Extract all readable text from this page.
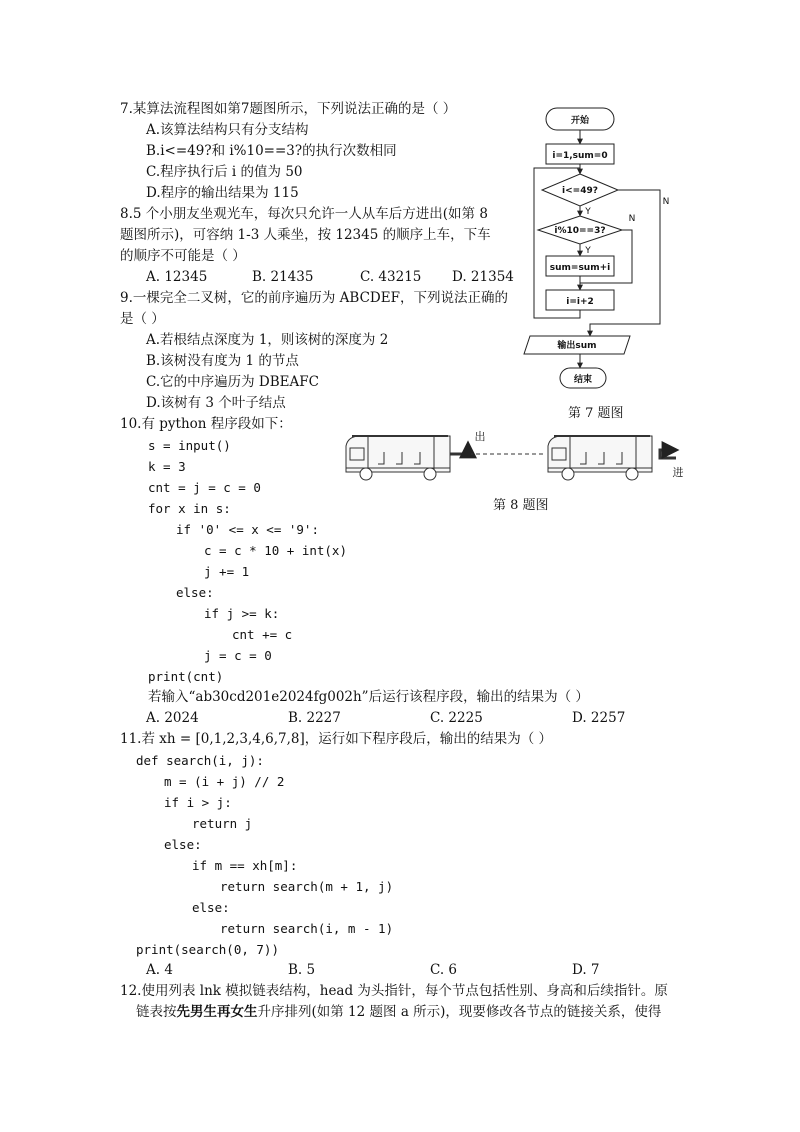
7.某算法流程图如第7题图所示，下列说法正确的是（ ）
A.该算法结构只有分支结构
B.i<=49?和 i%10==3?的执行次数相同
C.程序执行后 i 的值为 50
D.程序的输出结果为 115
8.5 个小朋友坐观光车，每次只允许一人从车后方进出(如第 8
题图所示)，可容纳 1-3 人乘坐，按 12345 的顺序上车，下车
的顺序不可能是（ ）
A. 12345	B. 21435	C. 43215 D. 21354
9.一棵完全二叉树，它的前序遍历为 ABCDEF，下列说法正确的
是（ ）
A.若根结点深度为 1，则该树的深度为 2
B.该树没有度为 1 的节点
C.它的中序遍历为 DBEAFC
D.该树有 3 个叶子结点
10.有 python 程序段如下：
s = input()
k = 3
cnt = j = c = 0
for x in s:
if '0' <= x <= '9':
c = c * 10 + int(x)
j += 1
else:
if j >= k:
cnt += c
j = c = 0
print(cnt)
若输入“ab30cd201e2024fg002h”后运行该程序段，输出的结果为（ ）
A. 2024	B. 2227	C. 2225	D. 2257
11.若 xh = [0,1,2,3,4,6,7,8]，运行如下程序段后，输出的结果为（ ）
def search(i, j):
m = (i + j) // 2
if i > j:
return j
else:
if m == xh[m]:
return search(m + 1, j)
else:
return search(i, m - 1)
print(search(0, 7))
A. 4	B. 5	C. 6	D. 7
12.使用列表 lnk 模拟链表结构，head 为头指针，每个节点包括性别、身高和后续指针。原
链表按先男生再女生升序排列(如第 12 题图 a 所示)，现要修改各节点的链接关系，使得
开始
i=1,sum=0
i<=49?
i%10==3?
sum=sum+i
i=i+2
输出sum
结束
Y
Y
N
N
第 7 题图
出
进
第 8 题图
